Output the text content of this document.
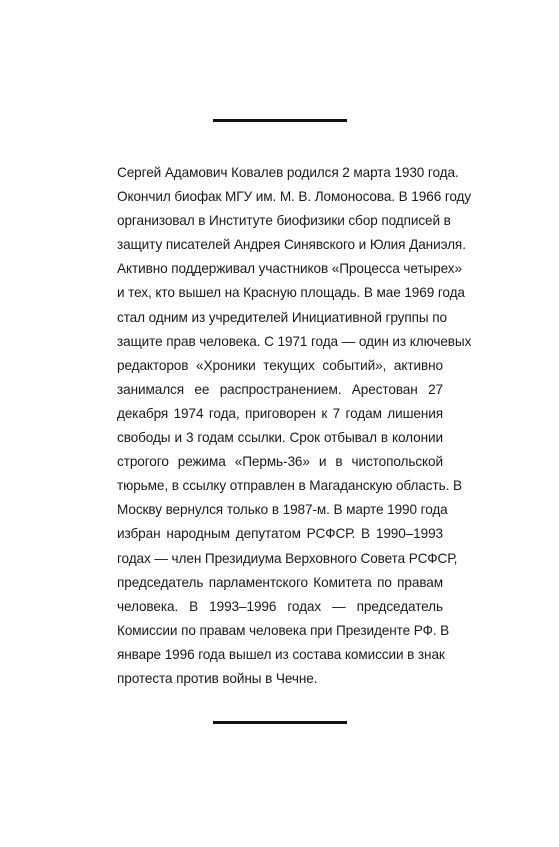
Сергей Адамович Ковалев родился 2 марта 1930 года.
Окончил биофак МГУ им. М. В. Ломоносова. В 1966 году
организовал в Институте биофизики сбор подписей в
защиту писателей Андрея Синявского и Юлия Даниэля.
Активно поддерживал участников «Процесса четырех»
и тех, кто вышел на Красную площадь. В мае 1969 года
стал одним из учредителей Инициативной группы по
защите прав человека. С 1971 года — один из ключевых
редакторов «Хроники текущих событий», активно
занимался ее распространением. Арестован 27
декабря 1974 года, приговорен к 7 годам лишения
свободы и 3 годам ссылки. Срок отбывал в колонии
строгого режима «Пермь-36» и в чистопольской
тюрьме, в ссылку отправлен в Магаданскую область. В
Москву вернулся только в 1987-м. В марте 1990 года
избран народным депутатом РСФСР. В 1990–1993
годах — член Президиума Верховного Совета РСФСР,
председатель парламентского Комитета по правам
человека. В 1993–1996 годах — председатель
Комиссии по правам человека при Президенте РФ. В
январе 1996 года вышел из состава комиссии в знак
протеста против войны в Чечне.
